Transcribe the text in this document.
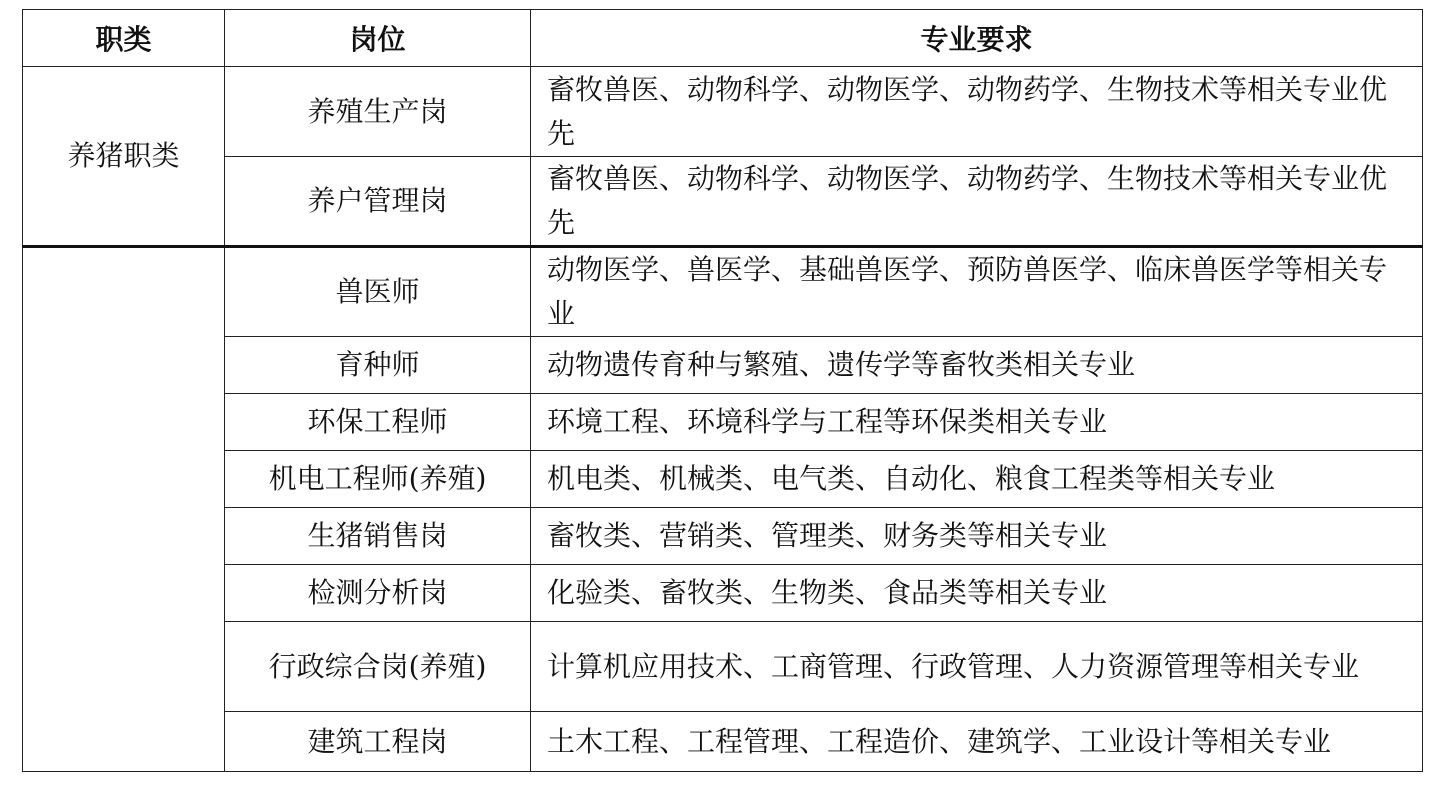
职类	岗位	专业要求
养猪职类	养殖生产岗	畜牧兽医、动物科学、动物医学、动物药学、生物技术等相关专业优先
	养户管理岗	畜牧兽医、动物科学、动物医学、动物药学、生物技术等相关专业优先
	兽医师	动物医学、兽医学、基础兽医学、预防兽医学、临床兽医学等相关专业
	育种师	动物遗传育种与繁殖、遗传学等畜牧类相关专业
	环保工程师	环境工程、环境科学与工程等环保类相关专业
	机电工程师(养殖)	机电类、机械类、电气类、自动化、粮食工程类等相关专业
	生猪销售岗	畜牧类、营销类、管理类、财务类等相关专业
	检测分析岗	化验类、畜牧类、生物类、食品类等相关专业
	行政综合岗(养殖)	计算机应用技术、工商管理、行政管理、人力资源管理等相关专业
	建筑工程岗	土木工程、工程管理、工程造价、建筑学、工业设计等相关专业
